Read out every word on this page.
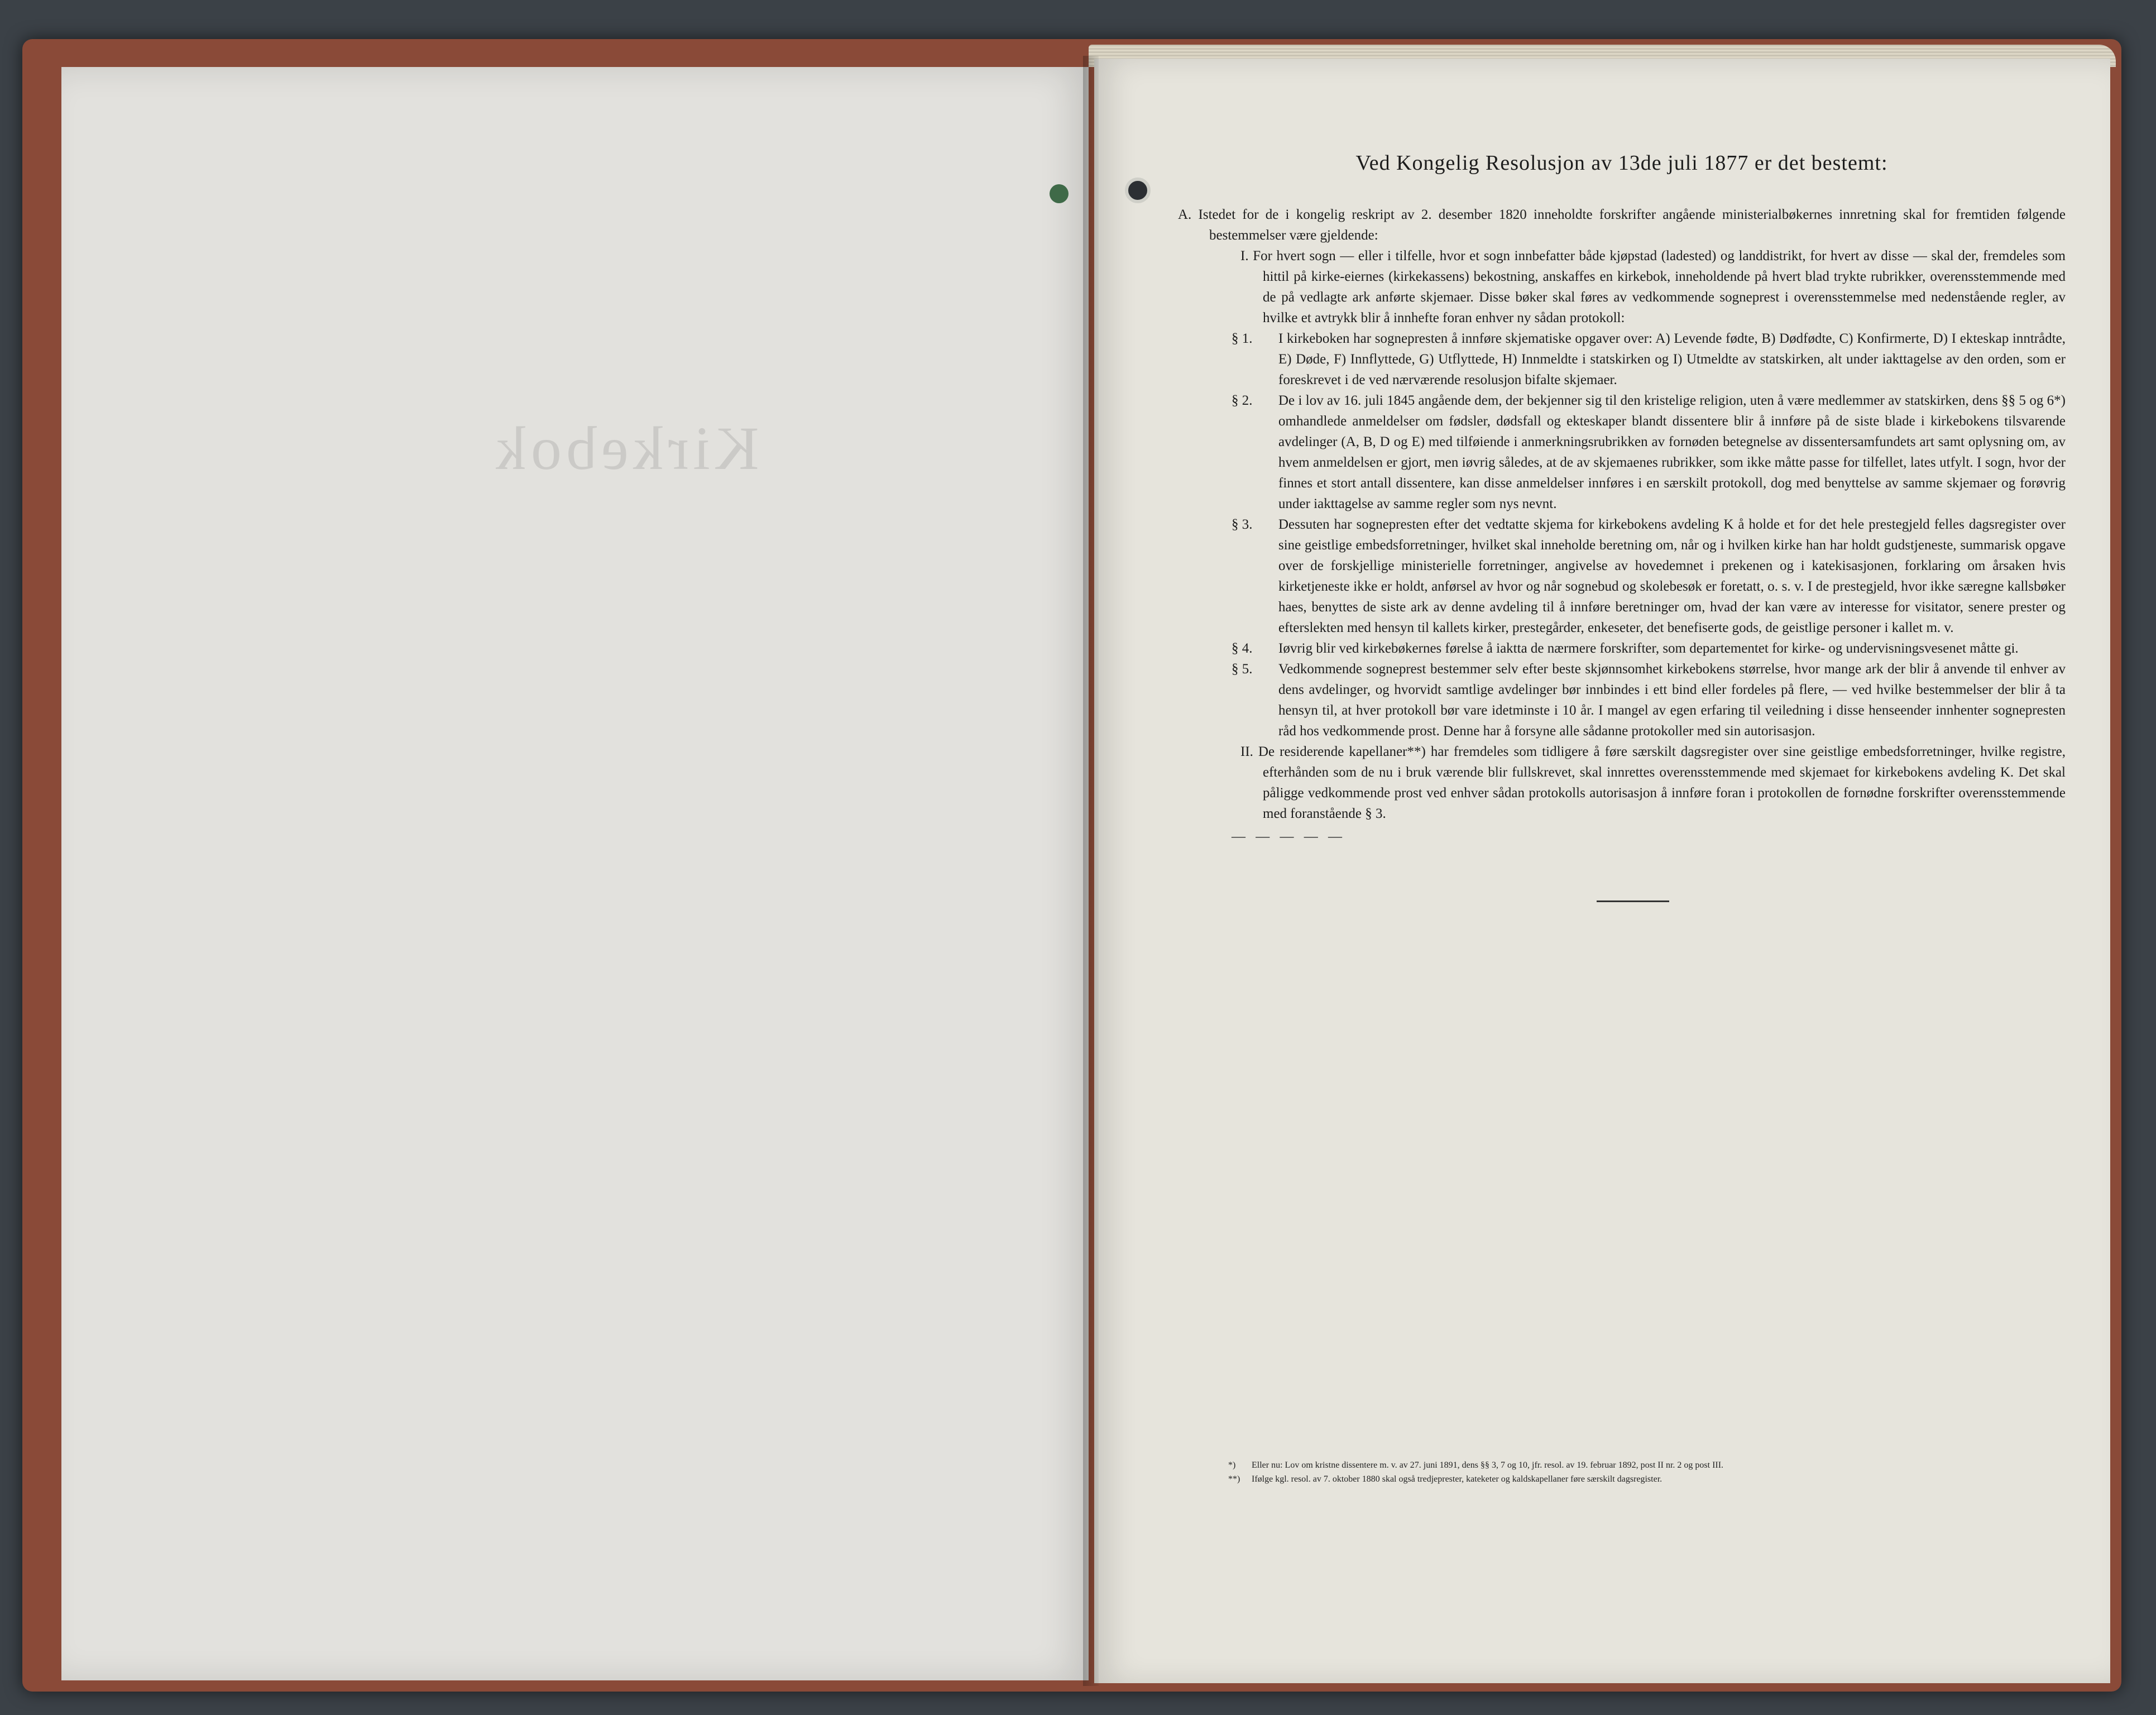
Kirkebok
Ved Kongelig Resolusjon av 13de juli 1877 er det bestemt:

A. Istedet for de i kongelig reskript av 2. desember 1820 inneholdte forskrifter angående ministerialbøkernes innretning skal for fremtiden følgende bestemmelser være gjeldende:

I. For hvert sogn — eller i tilfelle, hvor et sogn innbefatter både kjøpstad (ladested) og landdistrikt, for hvert av disse — skal der, fremdeles som hittil på kirke-eiernes (kirkekassens) bekostning, anskaffes en kirkebok, inneholdende på hvert blad trykte rubrikker, overensstemmende med de på vedlagte ark anførte skjemaer. Disse bøker skal føres av vedkommende sogneprest i overensstemmelse med nedenstående regler, av hvilke et avtrykk blir å innhefte foran enhver ny sådan protokoll:

§ 1.	I kirkeboken har sognepresten å innføre skjematiske opgaver over: A) Levende fødte, B) Dødfødte, C) Konfirmerte, D) I ekteskap inntrådte, E) Døde, F) Innflyttede, G) Utflyttede, H) Innmeldte i statskirken og I) Utmeldte av statskirken, alt under iakttagelse av den orden, som er foreskrevet i de ved nærværende resolusjon bifalte skjemaer.

§ 2.	De i lov av 16. juli 1845 angående dem, der bekjenner sig til den kristelige religion, uten å være medlemmer av statskirken, dens §§ 5 og 6*) omhandlede anmeldelser om fødsler, dødsfall og ekteskaper blandt dissentere blir å innføre på de siste blade i kirkebokens tilsvarende avdelinger (A, B, D og E) med tilføiende i anmerkningsrubrikken av fornøden betegnelse av dissentersamfundets art samt oplysning om, av hvem anmeldelsen er gjort, men iøvrig således, at de av skjemaenes rubrikker, som ikke måtte passe for tilfellet, lates utfylt. I sogn, hvor der finnes et stort antall dissentere, kan disse anmeldelser innføres i en særskilt protokoll, dog med benyttelse av samme skjemaer og forøvrig under iakttagelse av samme regler som nys nevnt.

§ 3.	Dessuten har sognepresten efter det vedtatte skjema for kirkebokens avdeling K å holde et for det hele prestegjeld felles dagsregister over sine geistlige embedsforretninger, hvilket skal inneholde beretning om, når og i hvilken kirke han har holdt gudstjeneste, summarisk opgave over de forskjellige ministerielle forretninger, angivelse av hovedemnet i prekenen og i katekisasjonen, forklaring om årsaken hvis kirketjeneste ikke er holdt, anførsel av hvor og når sognebud og skolebesøk er foretatt, o. s. v. I de prestegjeld, hvor ikke særegne kallsbøker haes, benyttes de siste ark av denne avdeling til å innføre beretninger om, hvad der kan være av interesse for visitator, senere prester og efterslekten med hensyn til kallets kirker, prestegårder, enkeseter, det benefiserte gods, de geistlige personer i kallet m. v.

§ 4.	Iøvrig blir ved kirkebøkernes førelse å iaktta de nærmere forskrifter, som departementet for kirke- og undervisningsvesenet måtte gi.

§ 5.	Vedkommende sogneprest bestemmer selv efter beste skjønnsomhet kirkebokens størrelse, hvor mange ark der blir å anvende til enhver av dens avdelinger, og hvorvidt samtlige avdelinger bør innbindes i ett bind eller fordeles på flere, — ved hvilke bestemmelser der blir å ta hensyn til, at hver protokoll bør vare idetminste i 10 år. I mangel av egen erfaring til veiledning i disse henseender innhenter sognepresten råd hos vedkommende prost. Denne har å forsyne alle sådanne protokoller med sin autorisasjon.

II. De residerende kapellaner**) har fremdeles som tidligere å føre særskilt dagsregister over sine geistlige embedsforretninger, hvilke registre, efterhånden som de nu i bruk værende blir fullskrevet, skal innrettes overensstemmende med skjemaet for kirkebokens avdeling K. Det skal påligge vedkommende prost ved enhver sådan protokolls autorisasjon å innføre foran i protokollen de fornødne forskrifter overensstemmende med foranstående § 3.

— — — — —
*)	Eller nu: Lov om kristne dissentere m. v. av 27. juni 1891, dens §§ 3, 7 og 10, jfr. resol. av 19. februar 1892, post II nr. 2 og post III.
**)	Ifølge kgl. resol. av 7. oktober 1880 skal også tredjeprester, kateketer og kaldskapellaner føre særskilt dagsregister.
